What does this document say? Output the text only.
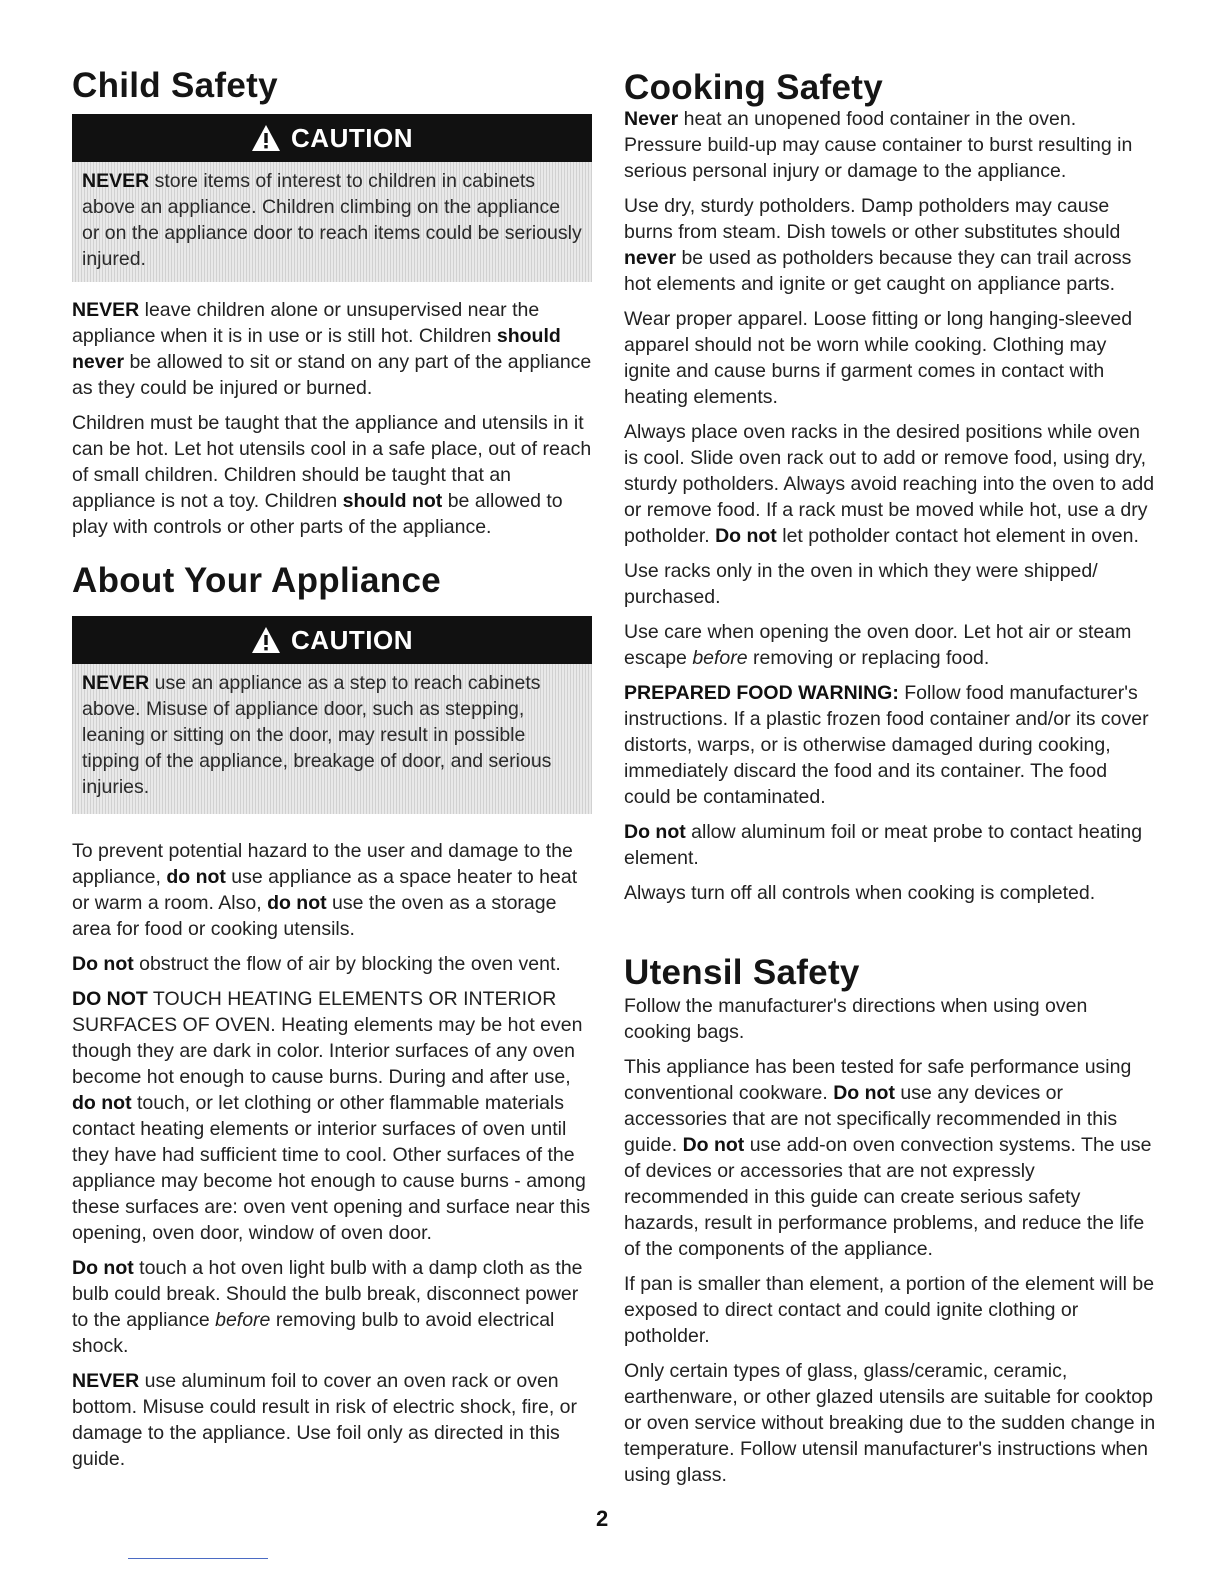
Child Safety
CAUTION
NEVER store items of interest to children in cabinets above an appliance. Children climbing on the appliance or on the appliance door to reach items could be seriously injured.

NEVER leave children alone or unsupervised near the appliance when it is in use or is still hot. Children should never be allowed to sit or stand on any part of the appliance as they could be injured or burned.

Children must be taught that the appliance and utensils in it can be hot. Let hot utensils cool in a safe place, out of reach of small children. Children should be taught that an appliance is not a toy. Children should not be allowed to play with controls or other parts of the appliance.

About Your Appliance
CAUTION
NEVER use an appliance as a step to reach cabinets above. Misuse of appliance door, such as stepping, leaning or sitting on the door, may result in possible tipping of the appliance, breakage of door, and serious injuries.

To prevent potential hazard to the user and damage to the appliance, do not use appliance as a space heater to heat or warm a room. Also, do not use the oven as a storage area for food or cooking utensils.

Do not obstruct the flow of air by blocking the oven vent.

DO NOT TOUCH HEATING ELEMENTS OR INTERIOR SURFACES OF OVEN. Heating elements may be hot even though they are dark in color. Interior surfaces of any oven become hot enough to cause burns. During and after use, do not touch, or let clothing or other flammable materials contact heating elements or interior surfaces of oven until they have had sufficient time to cool. Other surfaces of the appliance may become hot enough to cause burns - among these surfaces are: oven vent opening and surface near this opening, oven door, window of oven door.

Do not touch a hot oven light bulb with a damp cloth as the bulb could break. Should the bulb break, disconnect power to the appliance before removing bulb to avoid electrical shock.

NEVER use aluminum foil to cover an oven rack or oven bottom. Misuse could result in risk of electric shock, fire, or damage to the appliance. Use foil only as directed in this guide.

Cooking Safety

Never heat an unopened food container in the oven. Pressure build-up may cause container to burst resulting in serious personal injury or damage to the appliance.

Use dry, sturdy potholders. Damp potholders may cause burns from steam. Dish towels or other substitutes should never be used as potholders because they can trail across hot elements and ignite or get caught on appliance parts.

Wear proper apparel. Loose fitting or long hanging-sleeved apparel should not be worn while cooking. Clothing may ignite and cause burns if garment comes in contact with heating elements.

Always place oven racks in the desired positions while oven is cool. Slide oven rack out to add or remove food, using dry, sturdy potholders. Always avoid reaching into the oven to add or remove food. If a rack must be moved while hot, use a dry potholder. Do not let potholder contact hot element in oven.

Use racks only in the oven in which they were shipped/ purchased.

Use care when opening the oven door. Let hot air or steam escape before removing or replacing food.

PREPARED FOOD WARNING: Follow food manufacturer's instructions. If a plastic frozen food container and/or its cover distorts, warps, or is otherwise damaged during cooking, immediately discard the food and its container. The food could be contaminated.

Do not allow aluminum foil or meat probe to contact heating element.

Always turn off all controls when cooking is completed.

Utensil Safety

Follow the manufacturer's directions when using oven cooking bags.

This appliance has been tested for safe performance using conventional cookware. Do not use any devices or accessories that are not specifically recommended in this guide. Do not use add-on oven convection systems. The use of devices or accessories that are not expressly recommended in this guide can create serious safety hazards, result in performance problems, and reduce the life of the components of the appliance.

If pan is smaller than element, a portion of the element will be exposed to direct contact and could ignite clothing or potholder.

Only certain types of glass, glass/ceramic, ceramic, earthenware, or other glazed utensils are suitable for cooktop or oven service without breaking due to the sudden change in temperature. Follow utensil manufacturer's instructions when using glass.

2
